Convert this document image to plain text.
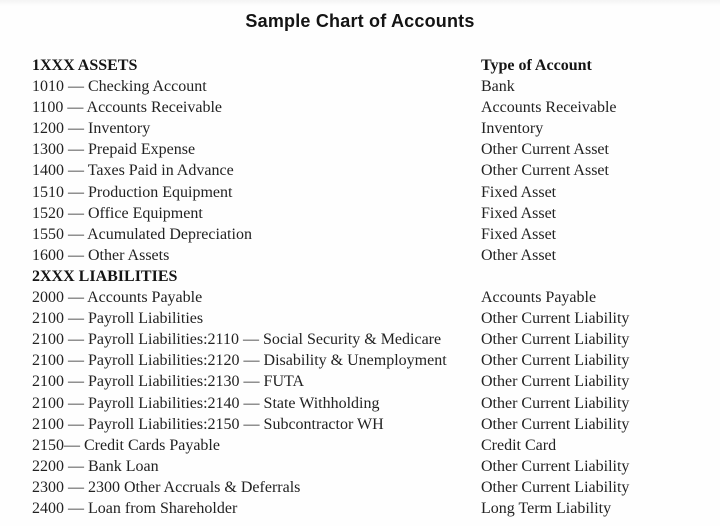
Sample Chart of Accounts
1XXX ASSETS	Type of Account
1010 — Checking Account	Bank
1100 — Accounts Receivable	Accounts Receivable
1200 — Inventory	Inventory
1300 — Prepaid Expense	Other Current Asset
1400 — Taxes Paid in Advance	Other Current Asset
1510 — Production Equipment	Fixed Asset
1520 — Office Equipment	Fixed Asset
1550 — Acumulated Depreciation	Fixed Asset
1600 — Other Assets	Other Asset
2XXX LIABILITIES
2000 — Accounts Payable	Accounts Payable
2100 — Payroll Liabilities	Other Current Liability
2100 — Payroll Liabilities:2110 — Social Security & Medicare	Other Current Liability
2100 — Payroll Liabilities:2120 — Disability & Unemployment	Other Current Liability
2100 — Payroll Liabilities:2130 — FUTA	Other Current Liability
2100 — Payroll Liabilities:2140 — State Withholding	Other Current Liability
2100 — Payroll Liabilities:2150 — Subcontractor WH	Other Current Liability
2150— Credit Cards Payable	Credit Card
2200 — Bank Loan	Other Current Liability
2300 — 2300 Other Accruals & Deferrals	Other Current Liability
2400 — Loan from Shareholder	Long Term Liability
